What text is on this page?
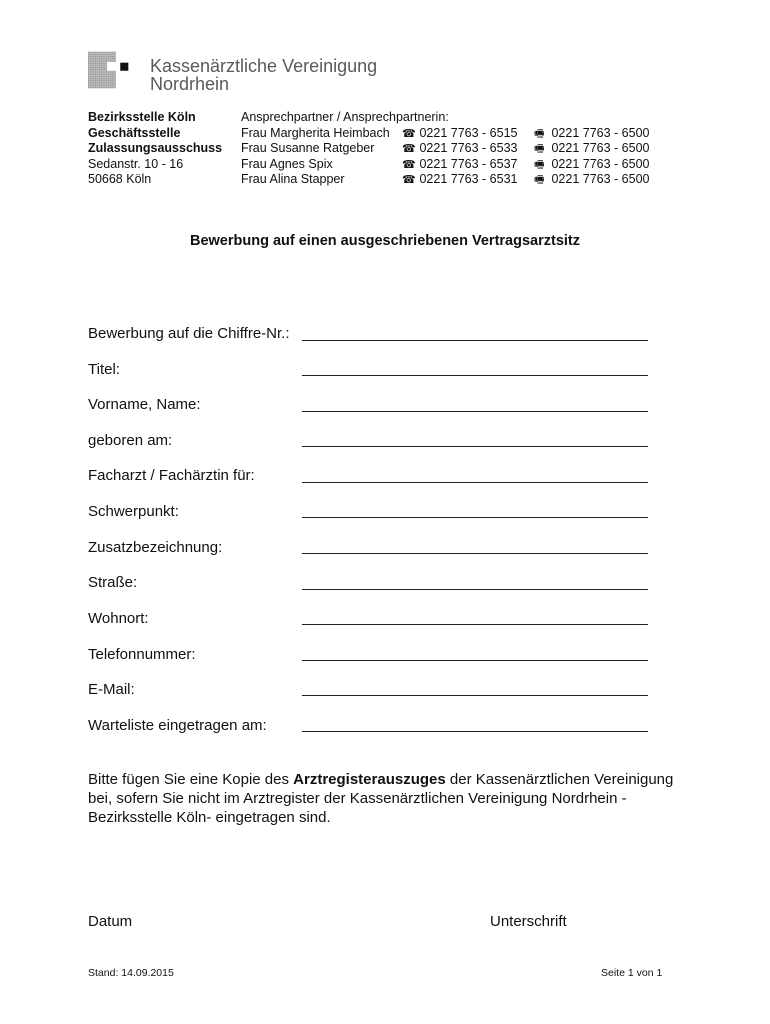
Kassenärztliche Vereinigung
Nordrhein
Bezirksstelle Köln
Geschäftsstelle
Zulassungsausschuss
Sedanstr. 10 - 16
50668 Köln
Ansprechpartner / Ansprechpartnerin:
Frau Margherita Heimbach
Frau Susanne Ratgeber
Frau Agnes Spix
Frau Alina Stapper
☎ 0221 7763 - 6515
☎ 0221 7763 - 6533
☎ 0221 7763 - 6537
☎ 0221 7763 - 6531
🖷 0221 7763 - 6500
🖷 0221 7763 - 6500
🖷 0221 7763 - 6500
🖷 0221 7763 - 6500
Bewerbung auf einen ausgeschriebenen Vertragsarztsitz
Bewerbung auf die Chiffre-Nr.:
Titel:
Vorname, Name:
geboren am:
Facharzt / Fachärztin für:
Schwerpunkt:
Zusatzbezeichnung:
Straße:
Wohnort:
Telefonnummer:
E-Mail:
Warteliste eingetragen am:
Bitte fügen Sie eine Kopie des Arztregisterauszuges der Kassenärztlichen Vereinigung bei, sofern Sie nicht im Arztregister der Kassenärztlichen Vereinigung Nordrhein -Bezirksstelle Köln- eingetragen sind.
Datum	Unterschrift
Stand: 14.09.2015	Seite 1 von 1
